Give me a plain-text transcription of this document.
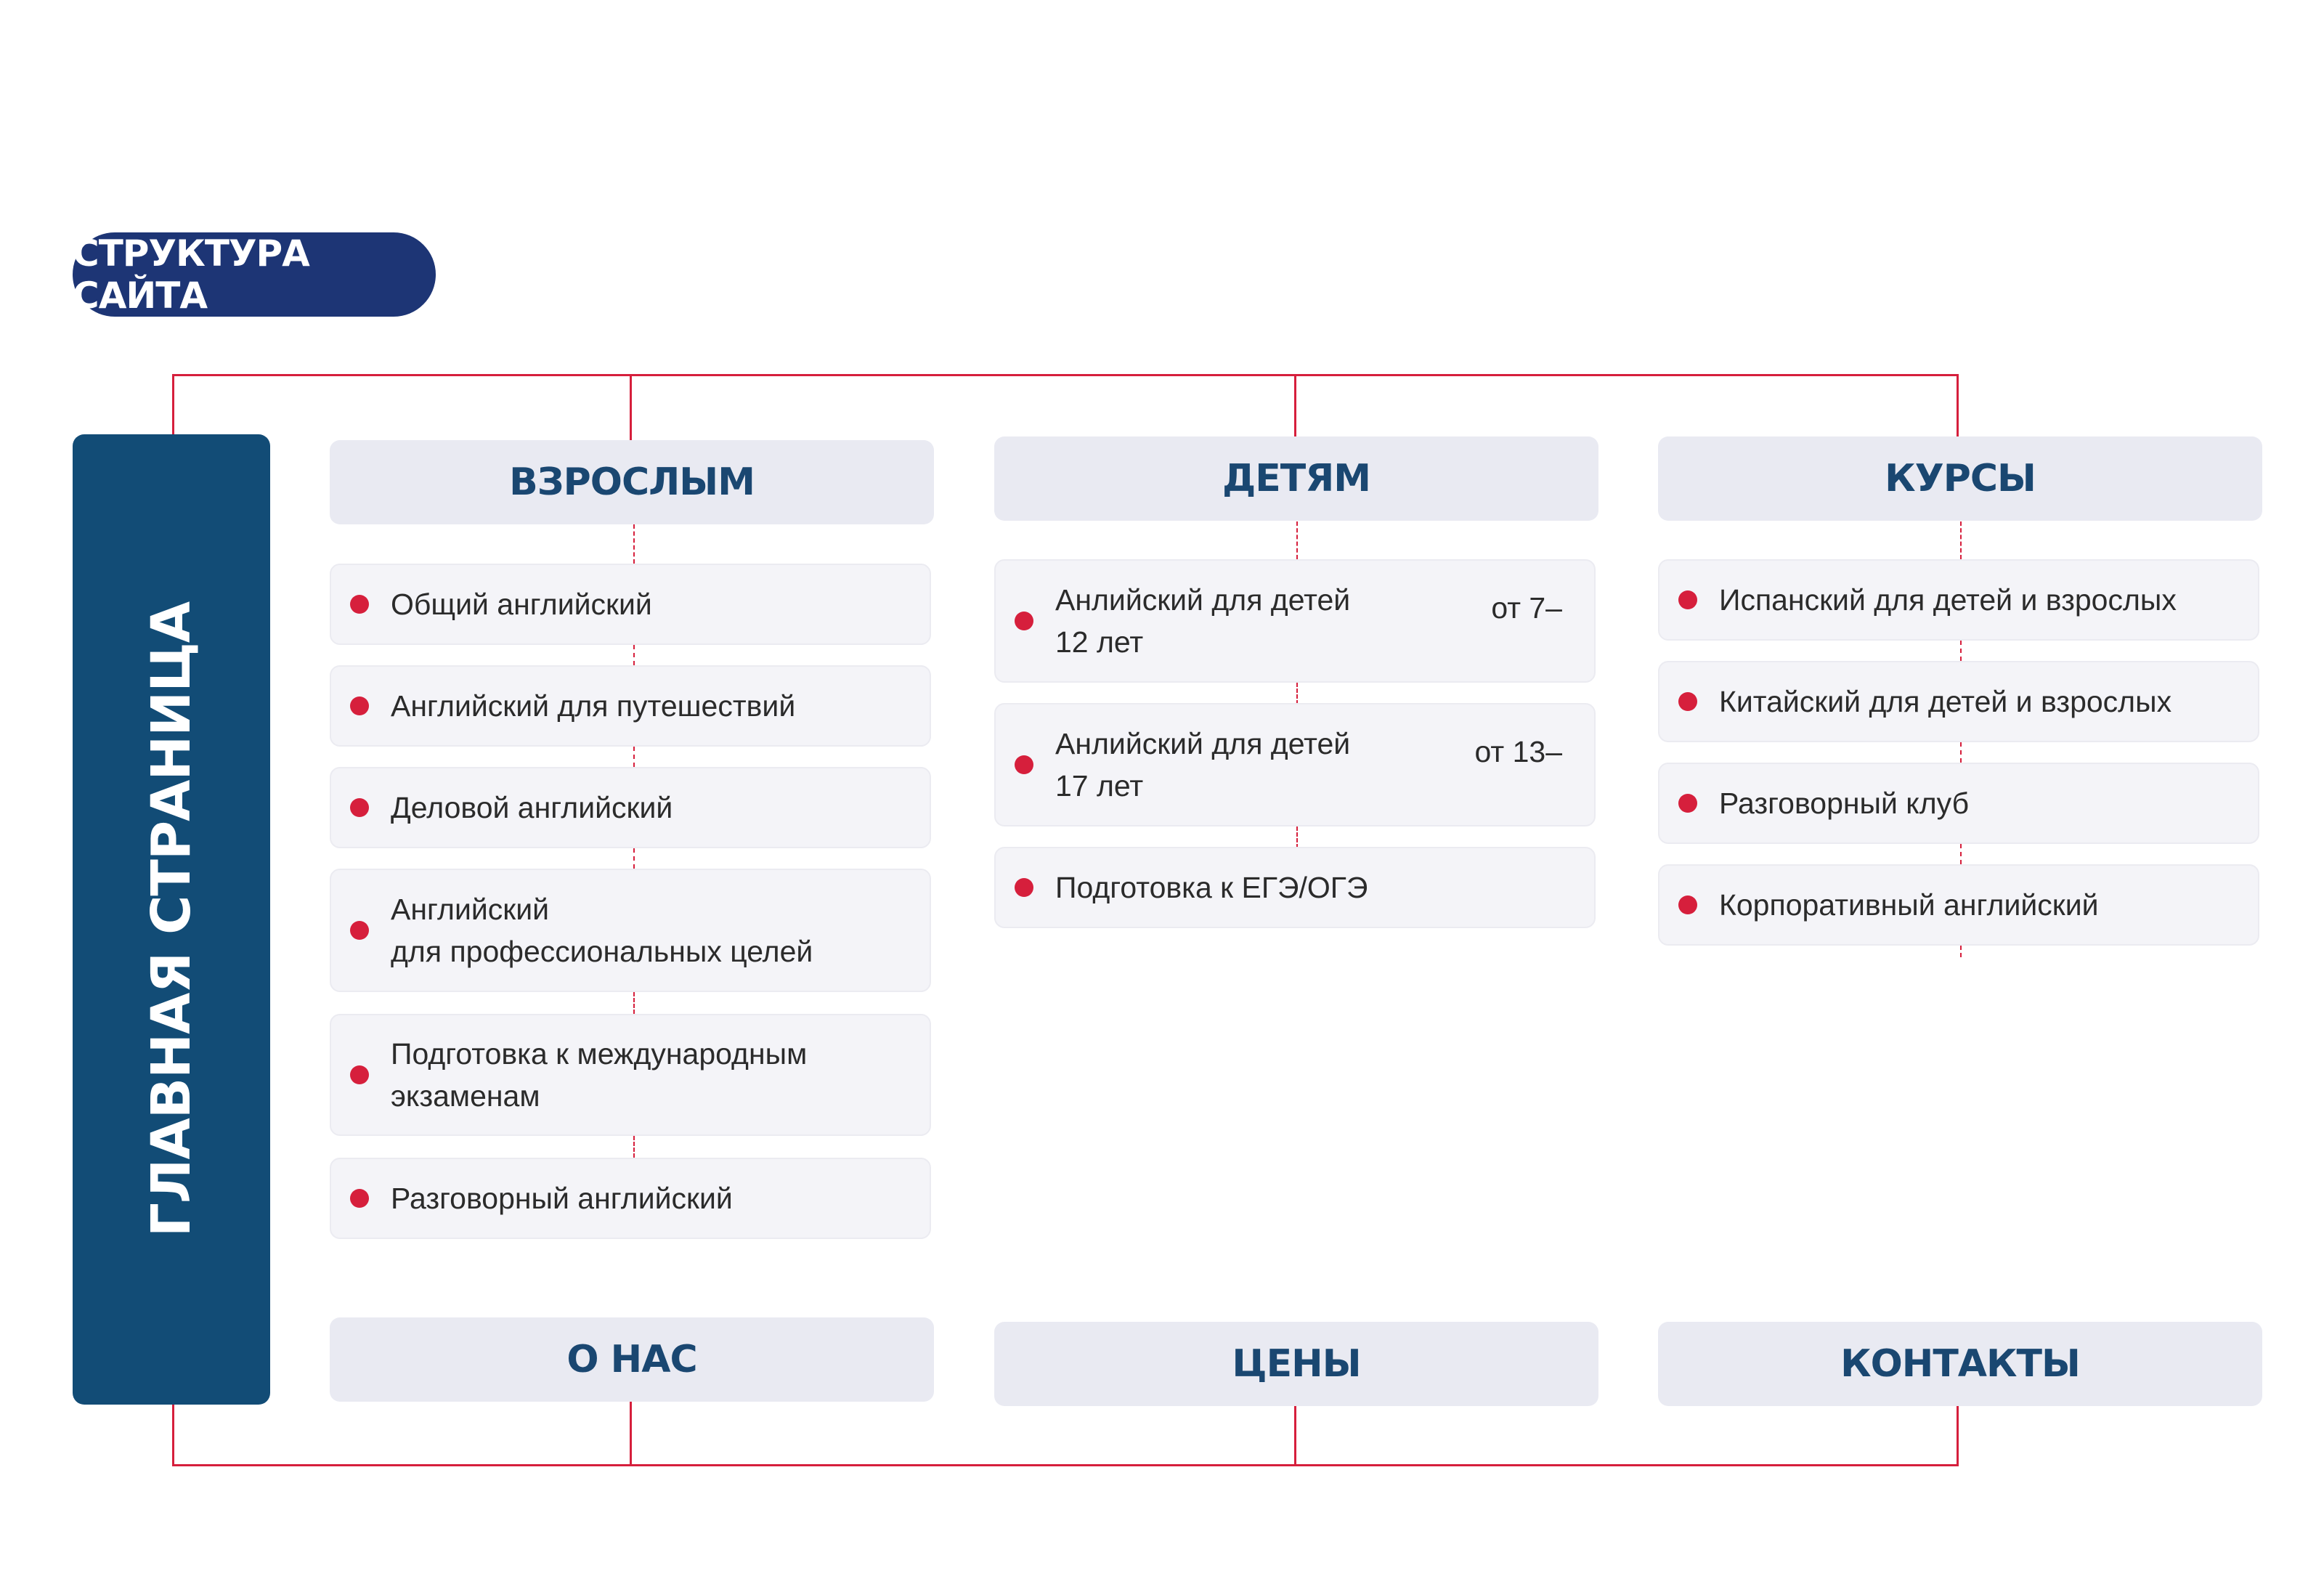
СТРУКТУРА САЙТА
ГЛАВНАЯ СТРАНИЦА
ВЗРОСЛЫМ	ДЕТЯМ	КУРСЫ
Общий английский
Английский для путешествий
Деловой английский
Английский
для профессиональных целей
Подготовка к международным
экзаменам
Разговорный английский
Анлийский для детей
12 лет
от 7–
Анлийский для детей
17 лет
от 13–
Подготовка к ЕГЭ/ОГЭ
Испанский для детей и взрослых
Китайский для детей и взрослых
Разговорный клуб
Корпоративный английский
О НАС	ЦЕНЫ	КОНТАКТЫ
